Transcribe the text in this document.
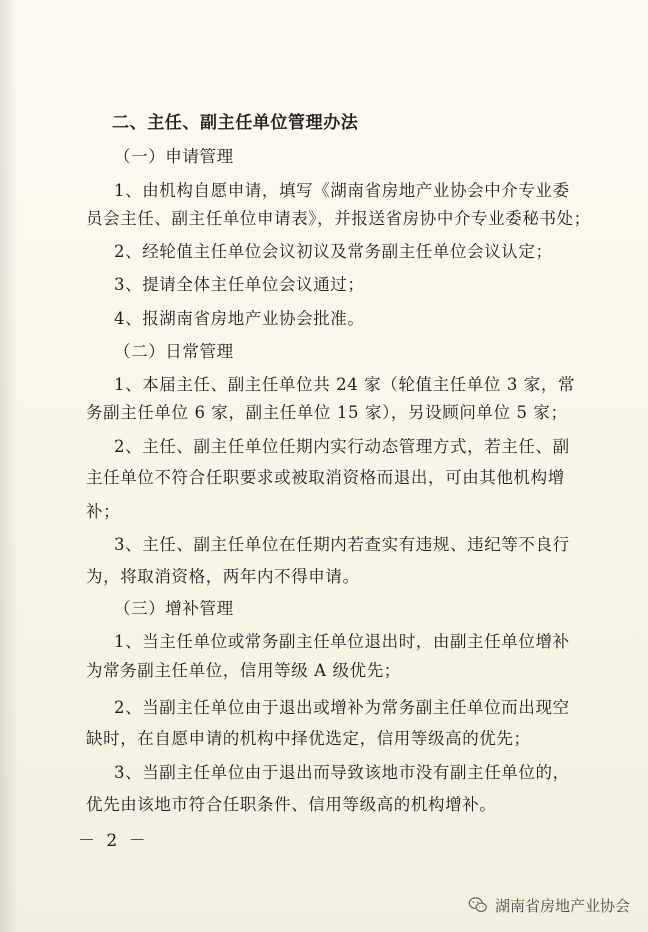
二、主任、副主任单位管理办法
（一）申请管理
1、由机构自愿申请，填写《湖南省房地产业协会中介专业委
员会主任、副主任单位申请表》，并报送省房协中介专业委秘书处；
2、经轮值主任单位会议初议及常务副主任单位会议认定；
3、提请全体主任单位会议通过；
4、报湖南省房地产业协会批准。
（二）日常管理
1、本届主任、副主任单位共 24 家（轮值主任单位 3 家，常
务副主任单位 6 家，副主任单位 15 家），另设顾问单位 5 家；
2、主任、副主任单位任期内实行动态管理方式，若主任、副
主任单位不符合任职要求或被取消资格而退出，可由其他机构增
补；
3、主任、副主任单位在任期内若查实有违规、违纪等不良行
为，将取消资格，两年内不得申请。
（三）增补管理
1、当主任单位或常务副主任单位退出时，由副主任单位增补
为常务副主任单位，信用等级 A 级优先；
2、当副主任单位由于退出或增补为常务副主任单位而出现空
缺时，在自愿申请的机构中择优选定，信用等级高的优先；
3、当副主任单位由于退出而导致该地市没有副主任单位的，
优先由该地市符合任职条件、信用等级高的机构增补。
－ 2 －
湖南省房地产业协会
